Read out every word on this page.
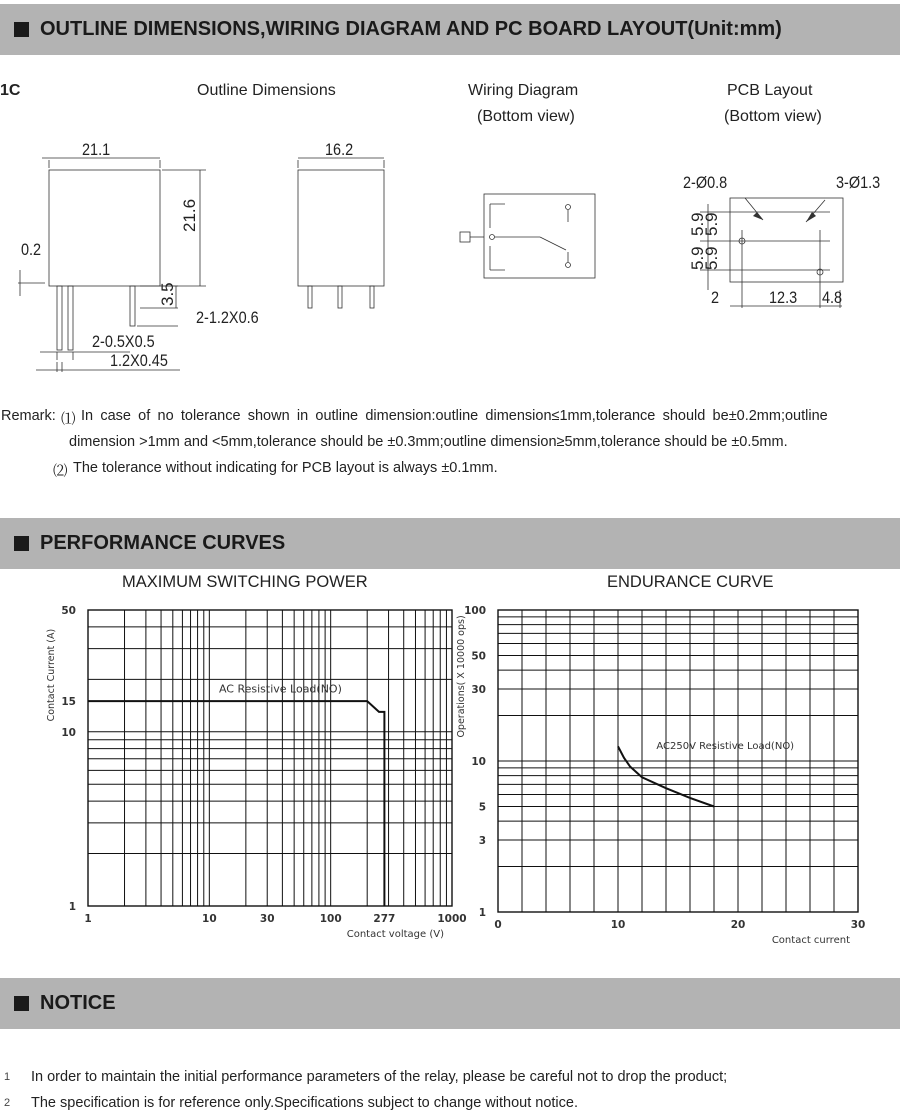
OUTLINE DIMENSIONS,WIRING DIAGRAM AND PC BOARD LAYOUT(Unit:mm)
1C	Outline Dimensions	Wiring Diagram
(Bottom view)
PCB Layout
(Bottom view)
21.1
21.6
0.2
3.5
2-1.2X0.6
2-0.5X0.5
1.2X0.45
16.2
2-Ø0.8	3-Ø1.3
5.9
5.9
5.9
5.9
2	12.3 4.8
Remark: ⑴ In case of no tolerance shown in outline dimension:outline dimension≤1mm,tolerance should be±0.2mm;outline
dimension >1mm and <5mm,tolerance should be ±0.3mm;outline dimension≥5mm,tolerance should be ±0.5mm.
⑵ The tolerance without indicating for PCB layout is always ±0.1mm.
PERFORMANCE CURVES
MAXIMUM SWITCHING POWER	ENDURANCE CURVE
1	10	30	100	277	1000
1
10
15
50
Contact voltage (V)
Contact Current (A)	AC Resistive Load(NO)
0	10	20	30
1
3
5
10
30
50
100
Contact current
Operations( X 10000 ops)
AC250V Resistive Load(NO)
NOTICE
1 In order to maintain the initial performance parameters of the relay, please be careful not to drop the product;
2 The specification is for reference only.Specifications subject to change without notice.
